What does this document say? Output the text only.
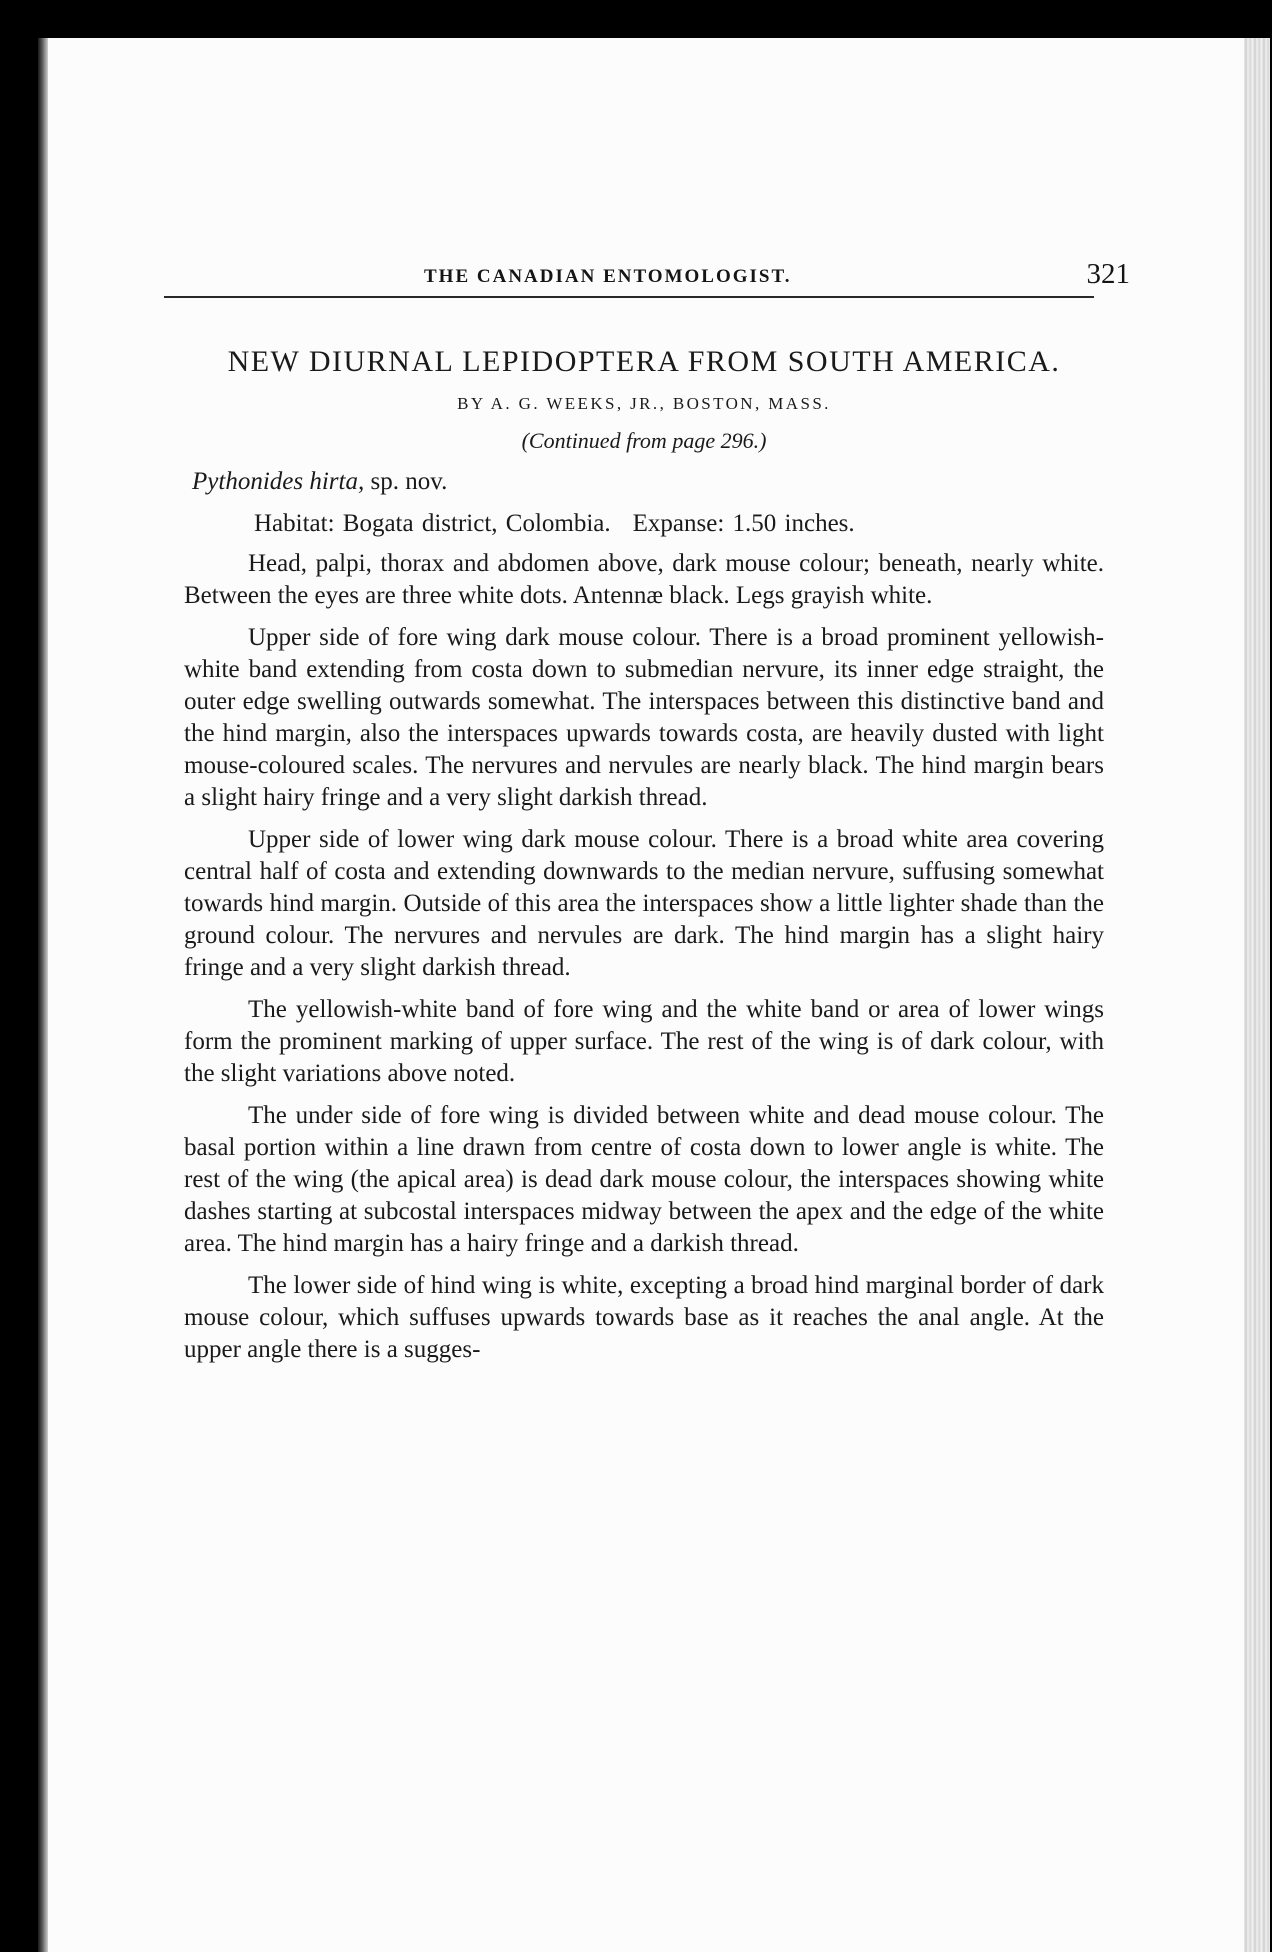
THE CANADIAN ENTOMOLOGIST.	321
NEW DIURNAL LEPIDOPTERA FROM SOUTH AMERICA.
BY A. G. WEEKS, JR., BOSTON, MASS.
(Continued from page 296.)
Pythonides hirta, sp. nov.
Habitat: Bogata district, Colombia. Expanse: 1.50 inches.

Head, palpi, thorax and abdomen above, dark mouse colour; beneath, nearly white. Between the eyes are three white dots. Antennæ black. Legs grayish white.

Upper side of fore wing dark mouse colour. There is a broad prominent yellowish-white band extending from costa down to submedian nervure, its inner edge straight, the outer edge swelling outwards somewhat. The interspaces between this distinctive band and the hind margin, also the interspaces upwards towards costa, are heavily dusted with light mouse-coloured scales. The nervures and nervules are nearly black. The hind margin bears a slight hairy fringe and a very slight darkish thread.

Upper side of lower wing dark mouse colour. There is a broad white area covering central half of costa and extending downwards to the median nervure, suffusing somewhat towards hind margin. Outside of this area the interspaces show a little lighter shade than the ground colour. The nervures and nervules are dark. The hind margin has a slight hairy fringe and a very slight darkish thread.

The yellowish-white band of fore wing and the white band or area of lower wings form the prominent marking of upper surface. The rest of the wing is of dark colour, with the slight variations above noted.

The under side of fore wing is divided between white and dead mouse colour. The basal portion within a line drawn from centre of costa down to lower angle is white. The rest of the wing (the apical area) is dead dark mouse colour, the interspaces showing white dashes starting at subcostal interspaces midway between the apex and the edge of the white area. The hind margin has a hairy fringe and a darkish thread.

The lower side of hind wing is white, excepting a broad hind marginal border of dark mouse colour, which suffuses upwards towards base as it reaches the anal angle. At the upper angle there is a sugges-
